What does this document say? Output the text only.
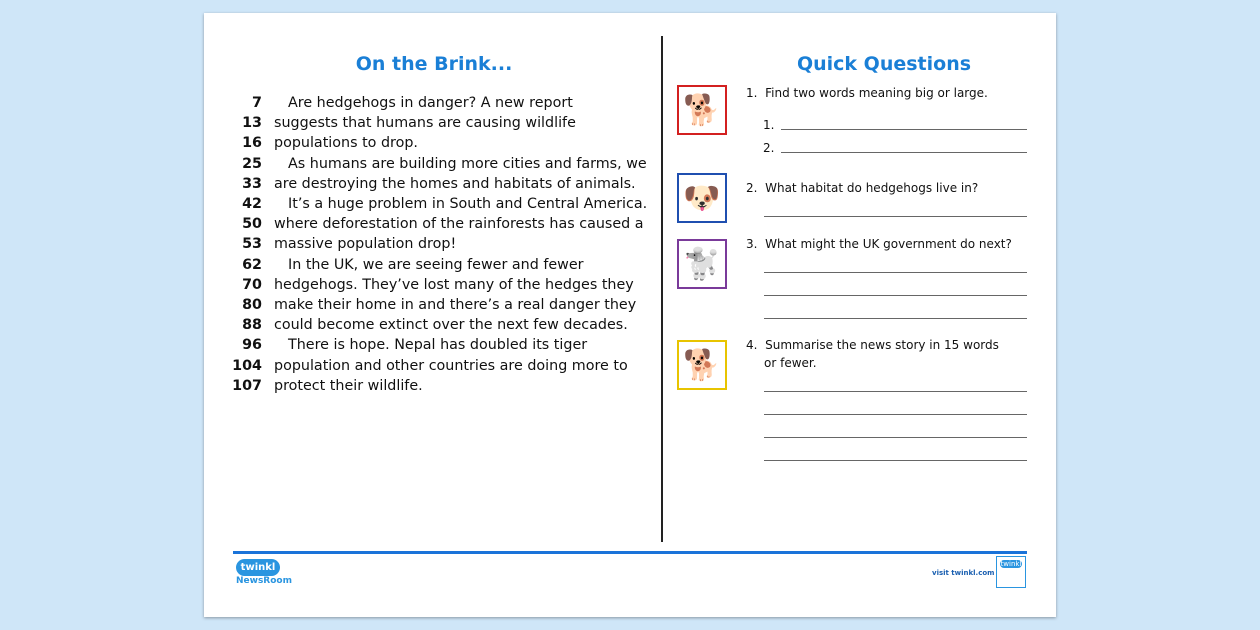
On the Brink...
7 Are hedgehogs in danger? A new report
13 suggests that humans are causing wildlife
16 populations to drop.
25 As humans are building more cities and farms, we
33 are destroying the homes and habitats of animals.
42 It’s a huge problem in South and Central America.
50 where deforestation of the rainforests has caused a
53 massive population drop!
62 In the UK, we are seeing fewer and fewer
70 hedgehogs. They’ve lost many of the hedges they
80 make their home in and there’s a real danger they
88 could become extinct over the next few decades.
96 There is hope. Nepal has doubled its tiger
104 population and other countries are doing more to
107 protect their wildlife.
Quick Questions
🐕
🐶
🐩
🐕
1. Find two words meaning big or large.
1.
2.
2. What habitat do hedgehogs live in?
3. What might the UK government do next?
4. Summarise the news story in 15 words
or fewer.
twinkl
NewsRoom
visit twinkl.com
twinkl
